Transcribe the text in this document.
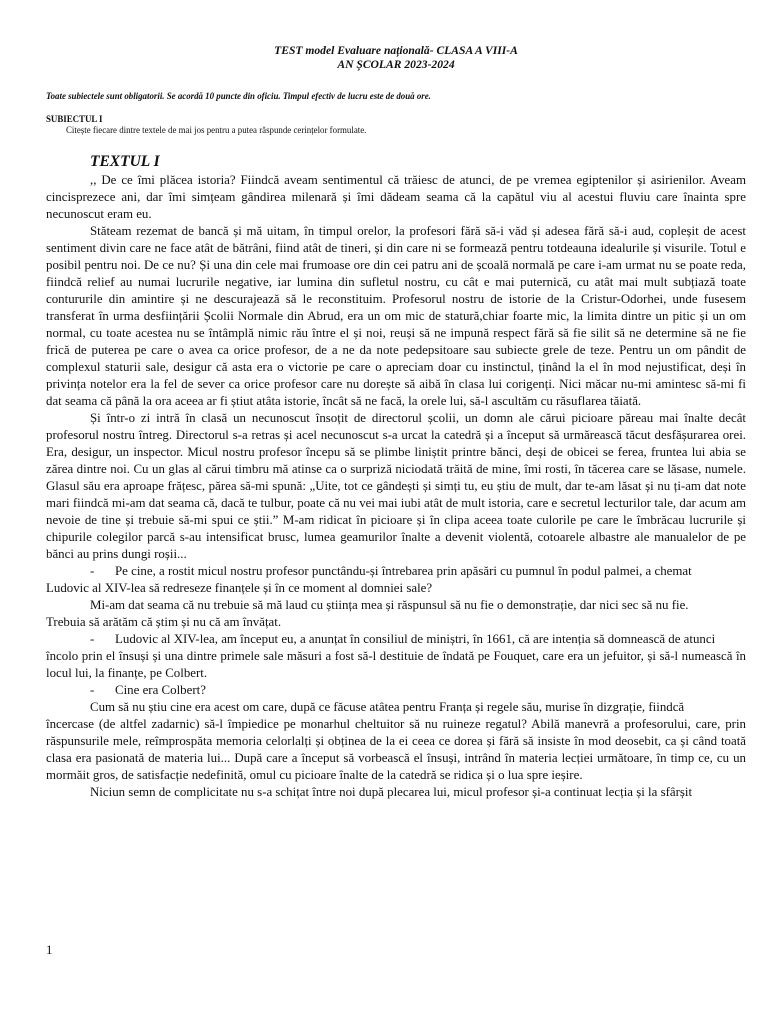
TEST model Evaluare națională- CLASA A VIII-A
AN ȘCOLAR 2023-2024
Toate subiectele sunt obligatorii. Se acordă 10 puncte din oficiu. Timpul efectiv de lucru este de două ore.
SUBIECTUL I
Citește fiecare dintre textele de mai jos pentru a putea răspunde cerințelor formulate.
TEXTUL I

,, De ce îmi plăcea istoria? Fiindcă aveam sentimentul că trăiesc de atunci, de pe vremea egiptenilor și asirienilor. Aveam cincisprezece ani, dar îmi simțeam gândirea milenară și îmi dădeam seama că la capătul viu al acestui fluviu care înainta spre necunoscut eram eu.

Stăteam rezemat de bancă și mă uitam, în timpul orelor, la profesori fără să-i văd și adesea fără să-i aud, copleșit de acest sentiment divin care ne face atât de bătrâni, fiind atât de tineri, și din care ni se formează pentru totdeauna idealurile și visurile. Totul e posibil pentru noi. De ce nu? Și una din cele mai frumoase ore din cei patru ani de școală normală pe care i-am urmat nu se poate reda, fiindcă relief au numai lucrurile negative, iar lumina din sufletul nostru, cu cât e mai puternică, cu atât mai mult subțiază toate contururile din amintire și ne descurajează să le reconstituim. Profesorul nostru de istorie de la Cristur-Odorhei, unde fusesem transferat în urma desființării Școlii Normale din Abrud, era un om mic de statură,chiar foarte mic, la limita dintre un pitic și un om normal, cu toate acestea nu se întâmplă nimic rău între el și noi, reuși să ne impună respect fără să fie silit să ne determine să ne fie frică de puterea pe care o avea ca orice profesor, de a ne da note pedepsitoare sau subiecte grele de teze. Pentru un om pândit de complexul staturii sale, desigur că asta era o victorie pe care o apreciam doar cu instinctul, ținând la el în mod nejustificat, deși în privința notelor era la fel de sever ca orice profesor care nu dorește să aibă în clasa lui corigenți. Nici măcar nu-mi amintesc să-mi fi dat seama că până la ora aceea ar fi știut atâta istorie, încât să ne facă, la orele lui, să-l ascultăm cu răsuflarea tăiată.

Și într-o zi intră în clasă un necunoscut însoțit de directorul școlii, un domn ale cărui picioare păreau mai înalte decât profesorul nostru întreg. Directorul s-a retras și acel necunoscut s-a urcat la catedră și a început să urmărească tăcut desfășurarea orei. Era, desigur, un inspector. Micul nostru profesor începu să se plimbe liniștit printre bănci, deși de obicei se ferea, fruntea lui abia se zărea dintre noi. Cu un glas al cărui timbru mă atinse ca o surpriză niciodată trăită de mine, îmi rosti, în tăcerea care se lăsase, numele. Glasul său era aproape frățesc, părea să-mi spună: „Uite, tot ce gândești și simți tu, eu știu de mult, dar te-am lăsat și nu ți-am dat note mari fiindcă mi-am dat seama că, dacă te tulbur, poate că nu vei mai iubi atât de mult istoria, care e secretul lecturilor tale, dar acum am nevoie de tine și trebuie să-mi spui ce știi.” M-am ridicat în picioare și în clipa aceea toate culorile pe care le îmbrăcau lucrurile și chipurile colegilor parcă s-au intensificat brusc, lumea geamurilor înalte a devenit violentă, cotoarele albastre ale manualelor de pe bănci au prins dungi roșii...

- Pe cine, a rostit micul nostru profesor punctându-și întrebarea prin apăsări cu pumnul în podul palmei, a chemat

Ludovic al XIV-lea să redreseze finanțele și în ce moment al domniei sale?

Mi-am dat seama că nu trebuie să mă laud cu știința mea și răspunsul să nu fie o demonstrație, dar nici sec să nu fie.

Trebuia să arătăm că știm și nu că am învățat.

- Ludovic al XIV-lea, am început eu, a anunțat în consiliul de miniștri, în 1661, că are intenția să domnească de atunci

încolo prin el însuși și una dintre primele sale măsuri a fost să-l destituie de îndată pe Fouquet, care era un jefuitor, și să-l numească în locul lui, la finanțe, pe Colbert.

- Cine era Colbert?

Cum să nu știu cine era acest om care, după ce făcuse atâtea pentru Franța și regele său, murise în dizgrație, fiindcă

încercase (de altfel zadarnic) să-l împiedice pe monarhul cheltuitor să nu ruineze regatul? Abilă manevră a profesorului, care, prin răspunsurile mele, reîmprospăta memoria celorlalți și obținea de la ei ceea ce dorea și fără să insiste în mod deosebit, ca și când toată clasa era pasionată de materia lui... După care a început să vorbească el însuși, intrând în materia lecției următoare, în timp ce, cu un mormăit gros, de satisfacție nedefinită, omul cu picioare înalte de la catedră se ridica și o lua spre ieșire.

Niciun semn de complicitate nu s-a schițat între noi după plecarea lui, micul profesor și-a continuat lecția și la sfârșit

1
